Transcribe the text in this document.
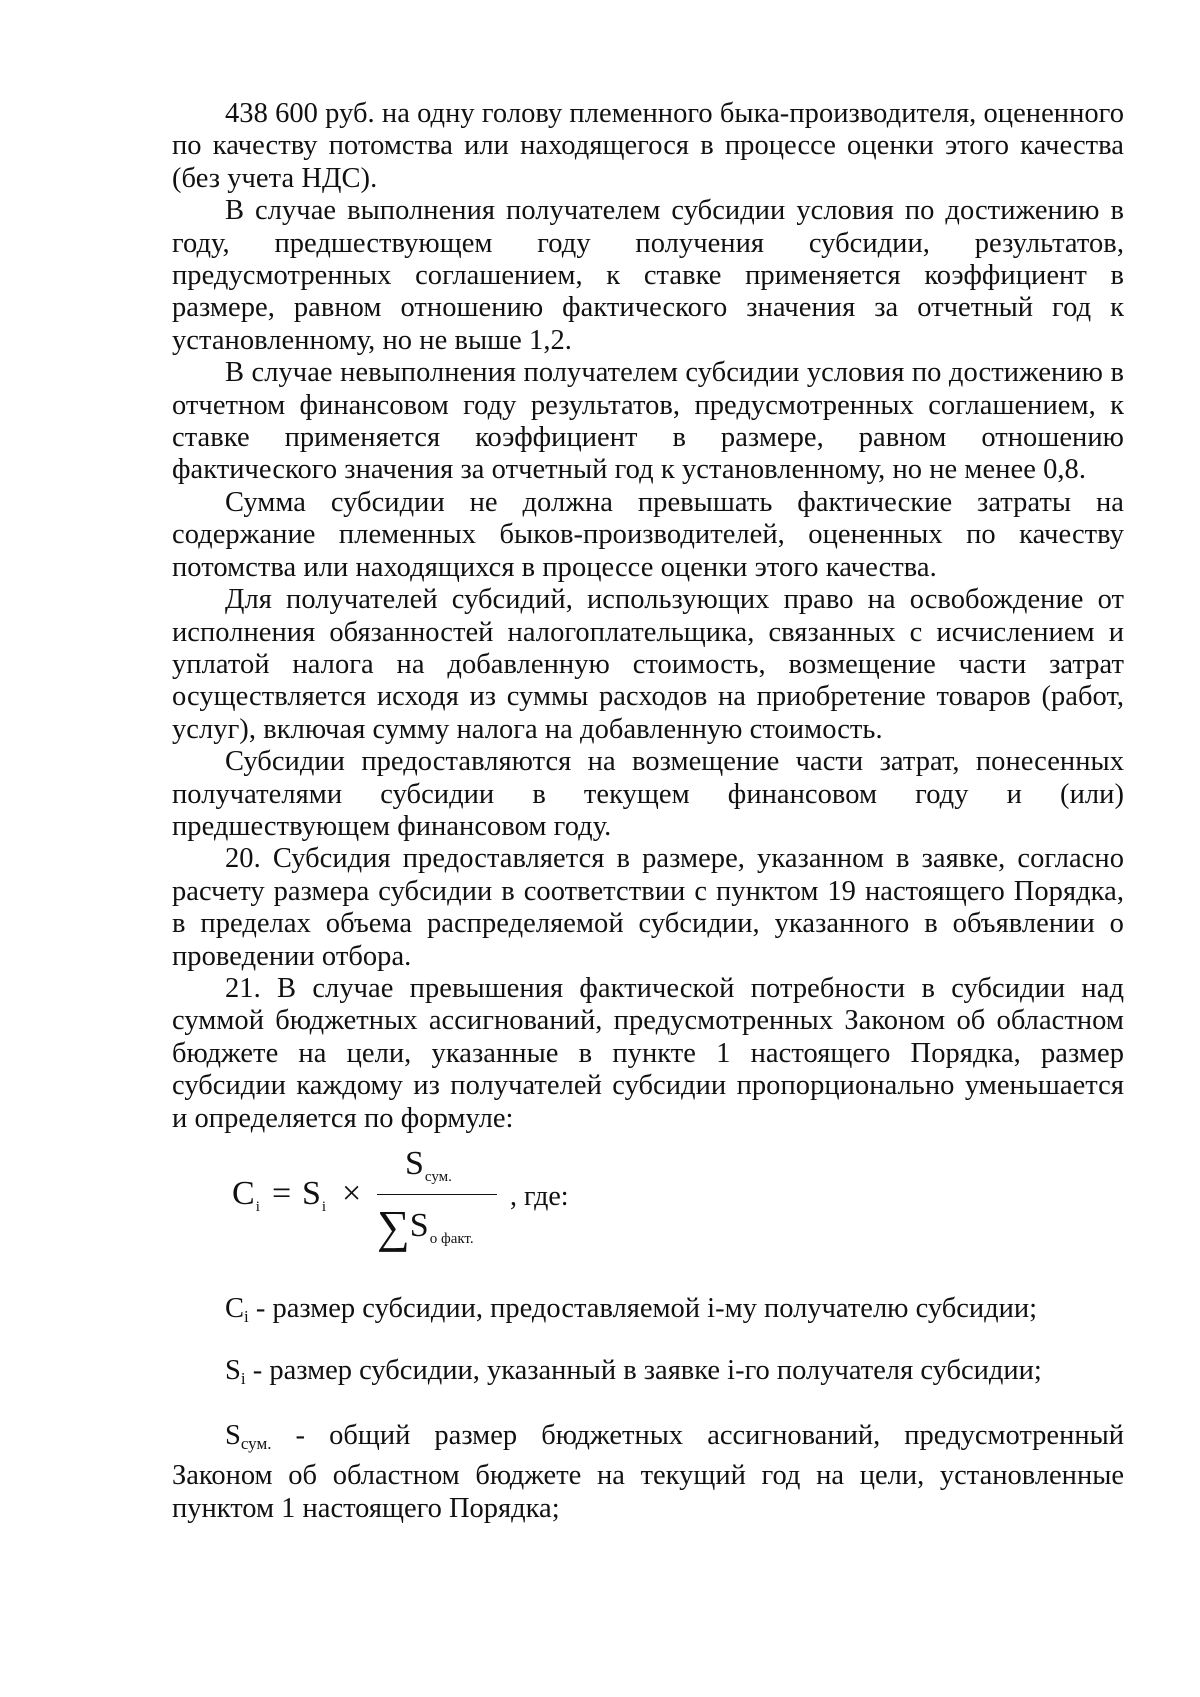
438 600 руб. на одну голову племенного быка-производителя, оцененного по качеству потомства или находящегося в процессе оценки этого качества (без учета НДС).

В случае выполнения получателем субсидии условия по достижению в году, предшествующем году получения субсидии, результатов, предусмотренных соглашением, к ставке применяется коэффициент в размере, равном отношению фактического значения за отчетный год к установленному, но не выше 1,2.

В случае невыполнения получателем субсидии условия по достижению в отчетном финансовом году результатов, предусмотренных соглашением, к ставке применяется коэффициент в размере, равном отношению фактического значения за отчетный год к установленному, но не менее 0,8.

Сумма субсидии не должна превышать фактические затраты на содержание племенных быков-производителей, оцененных по качеству потомства или находящихся в процессе оценки этого качества.

Для получателей субсидий, использующих право на освобождение от исполнения обязанностей налогоплательщика, связанных с исчислением и уплатой налога на добавленную стоимость, возмещение части затрат осуществляется исходя из суммы расходов на приобретение товаров (работ, услуг), включая сумму налога на добавленную стоимость.

Субсидии предоставляются на возмещение части затрат, понесенных получателями субсидии в текущем финансовом году и (или) предшествующем финансовом году.

20. Субсидия предоставляется в размере, указанном в заявке, согласно расчету размера субсидии в соответствии с пунктом 19 настоящего Порядка, в пределах объема распределяемой субсидии, указанного в объявлении о проведении отбора.

21. В случае превышения фактической потребности в субсидии над суммой бюджетных ассигнований, предусмотренных Законом об областном бюджете на цели, указанные в пункте 1 настоящего Порядка, размер субсидии каждому из получателей субсидии пропорционально уменьшается и определяется по формуле:

$C_i = S_i$ ×
$S_{сум.}$
$\sum S_{о факт.}$
, где:

Ci - размер субсидии, предоставляемой i-му получателю субсидии;

Si - размер субсидии, указанный в заявке i-го получателя субсидии;

Sсум. - общий размер бюджетных ассигнований, предусмотренный Законом об областном бюджете на текущий год на цели, установленные пунктом 1 настоящего Порядка;
